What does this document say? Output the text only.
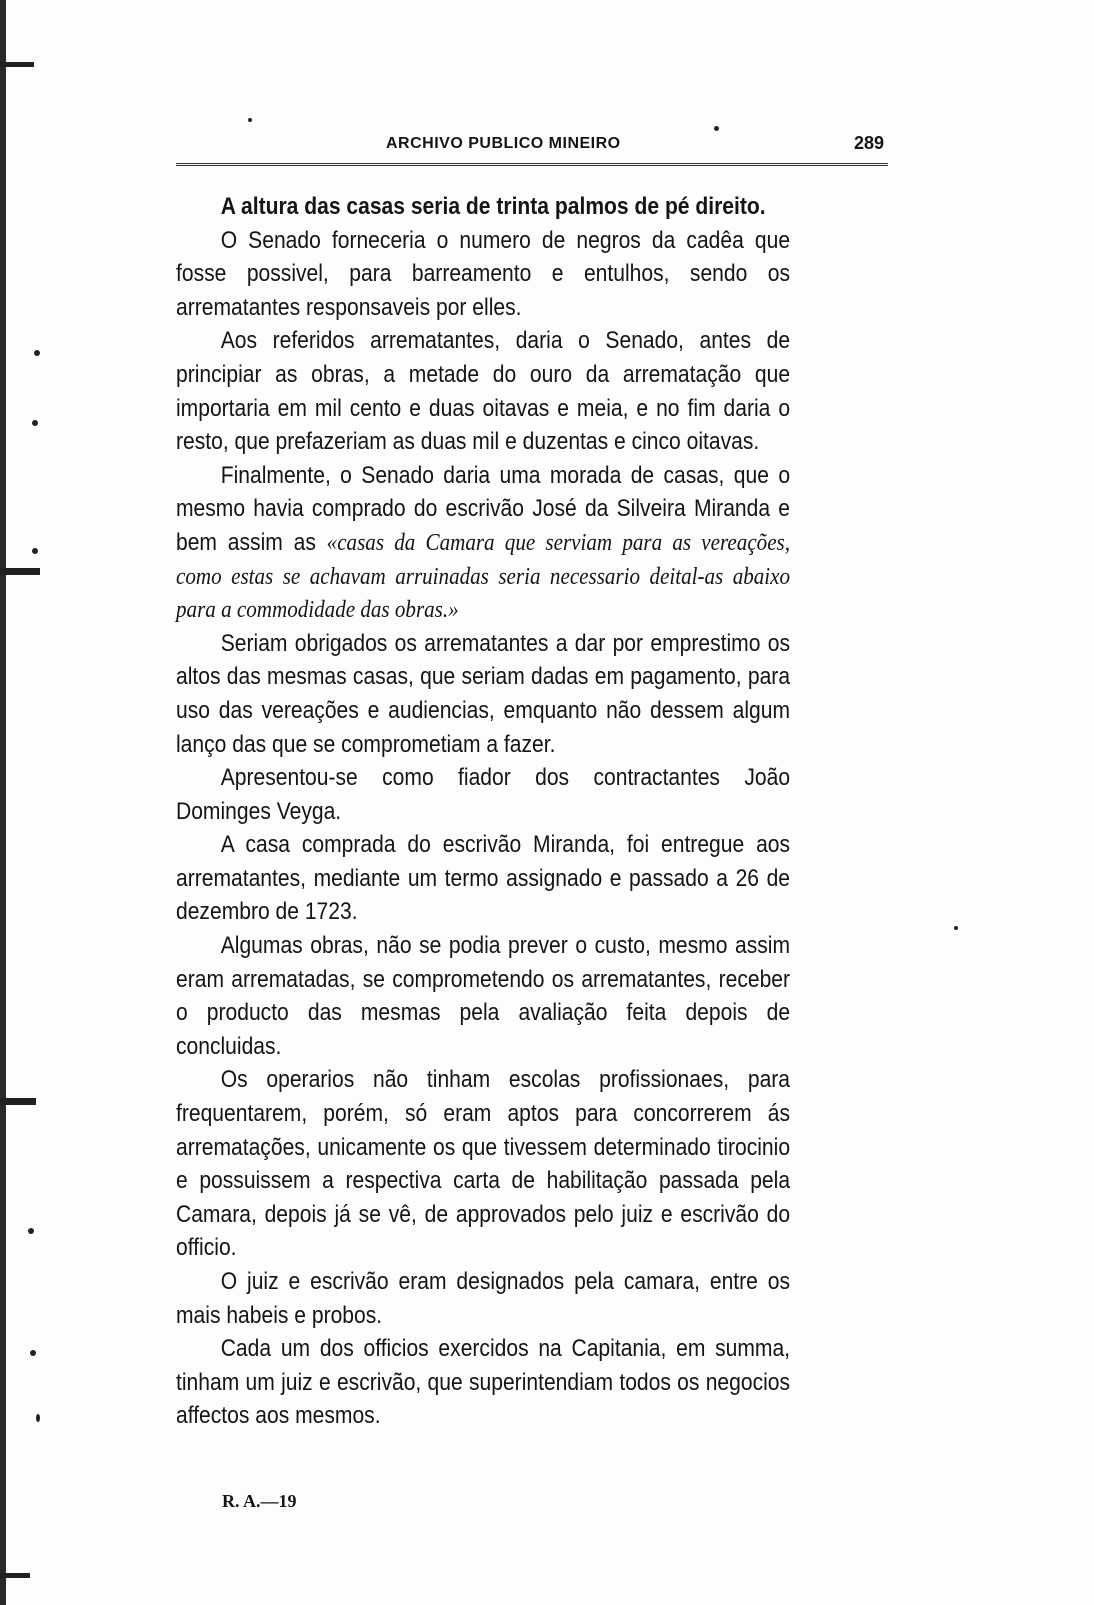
ARCHIVO PUBLICO MINEIRO	289

A altura das casas seria de trinta palmos de pé direito.

O Senado forneceria o numero de negros da cadêa que fosse possivel, para barreamento e entulhos, sendo os arrematantes responsaveis por elles.

Aos referidos arrematantes, daria o Senado, antes de principiar as obras, a metade do ouro da arrematação que importaria em mil cento e duas oitavas e meia, e no fim daria o resto, que prefazeriam as duas mil e duzentas e cinco oitavas.

Finalmente, o Senado daria uma morada de casas, que o mesmo havia comprado do escrivão José da Silveira Miranda e bem assim as «casas da Camara que serviam para as vereações, como estas se achavam arruinadas seria necessario deital-as abaixo para a commodidade das obras.»

Seriam obrigados os arrematantes a dar por emprestimo os altos das mesmas casas, que seriam dadas em pagamento, para uso das vereações e audiencias, emquanto não dessem algum lanço das que se comprometiam a fazer.

Apresentou-se como fiador dos contractantes João Dominges Veyga.

A casa comprada do escrivão Miranda, foi entregue aos arrematantes, mediante um termo assignado e passado a 26 de dezembro de 1723.

Algumas obras, não se podia prever o custo, mesmo assim eram arrematadas, se comprometendo os arrematantes, receber o producto das mesmas pela avaliação feita depois de concluidas.

Os operarios não tinham escolas profissionaes, para frequentarem, porém, só eram aptos para concorrerem ás arrematações, unicamente os que tivessem determinado tirocinio e possuissem a respectiva carta de habilitação passada pela Camara, depois já se vê, de approvados pelo juiz e escrivão do officio.

O juiz e escrivão eram designados pela camara, entre os mais habeis e probos.

Cada um dos officios exercidos na Capitania, em summa, tinham um juiz e escrivão, que superintendiam todos os negocios affectos aos mesmos.

R. A.—19
